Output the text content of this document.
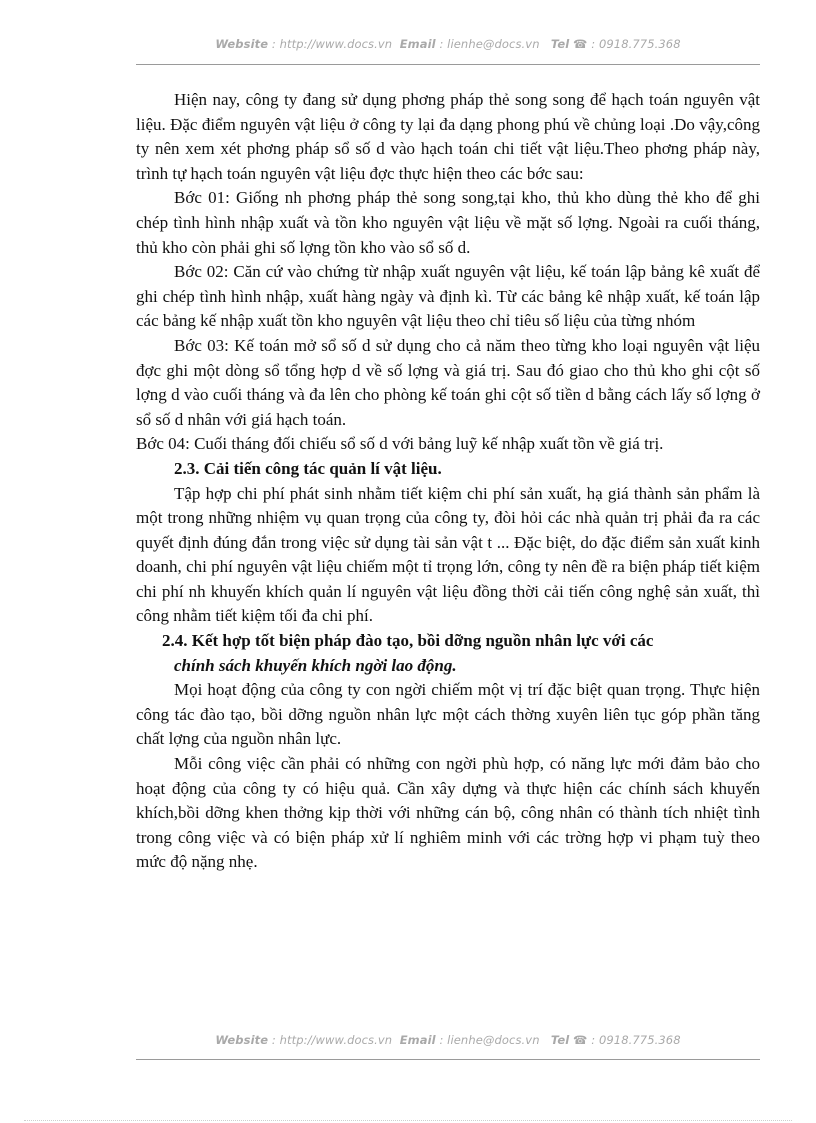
Website : http://www.docs.vn Email : lienhe@docs.vn Tel ☎ : 0918.775.368

Hiện nay, công ty đang sử dụng phơng pháp thẻ song song để hạch toán nguyên vật liệu. Đặc điểm nguyên vật liệu ở công ty lại đa dạng phong phú về chủng loại .Do vậy,công ty nên xem xét phơng pháp sổ số d vào hạch toán chi tiết vật liệu.Theo phơng pháp này, trình tự hạch toán nguyên vật liệu đợc thực hiện theo các bớc sau:

Bớc 01: Giống nh phơng pháp thẻ song song,tại kho, thủ kho dùng thẻ kho để ghi chép tình hình nhập xuất và tồn kho nguyên vật liệu về mặt số lợng. Ngoài ra cuối tháng, thủ kho còn phải ghi số lợng tồn kho vào sổ số d.

Bớc 02: Căn cứ vào chứng từ nhập xuất nguyên vật liệu, kế toán lập bảng kê xuất để ghi chép tình hình nhập, xuất hàng ngày và định kì. Từ các bảng kê nhập xuất, kế toán lập các bảng kế nhập xuất tồn kho nguyên vật liệu theo chỉ tiêu số liệu của từng nhóm

Bớc 03: Kế toán mở sổ số d sử dụng cho cả năm theo từng kho loại nguyên vật liệu đợc ghi một dòng sổ tổng hợp d về số lợng và giá trị. Sau đó giao cho thủ kho ghi cột số lợng d vào cuối tháng và đa lên cho phòng kế toán ghi cột số tiền d bằng cách lấy số lợng ở sổ số d nhân với giá hạch toán.

Bớc 04: Cuối tháng đối chiếu sổ số d với bảng luỹ kế nhập xuất tồn về giá trị.

2.3. Cải tiến công tác quản lí vật liệu.

Tập hợp chi phí phát sinh nhằm tiết kiệm chi phí sản xuất, hạ giá thành sản phẩm là một trong những nhiệm vụ quan trọng của công ty, đòi hỏi các nhà quản trị phải đa ra các quyết định đúng đắn trong việc sử dụng tài sản vật t ... Đặc biệt, do đặc điểm sản xuất kinh doanh, chi phí nguyên vật liệu chiếm một tỉ trọng lớn, công ty nên đề ra biện pháp tiết kiệm chi phí nh khuyến khích quản lí nguyên vật liệu đồng thời cải tiến công nghệ sản xuất, thì công nhằm tiết kiệm tối đa chi phí.

2.4. Kết hợp tốt biện pháp đào tạo, bồi dỡng nguồn nhân lực với các
chính sách khuyến khích ngời lao động.

Mọi hoạt động của công ty con ngời chiếm một vị trí đặc biệt quan trọng. Thực hiện công tác đào tạo, bồi dỡng nguồn nhân lực một cách thờng xuyên liên tục góp phần tăng chất lợng của nguồn nhân lực.

Mỗi công việc cần phải có những con ngời phù hợp, có năng lực mới đảm bảo cho hoạt động của công ty có hiệu quả. Cần xây dựng và thực hiện các chính sách khuyến khích,bồi dỡng khen thởng kịp thời với những cán bộ, công nhân có thành tích nhiệt tình trong công việc và có biện pháp xử lí nghiêm minh với các trờng hợp vi phạm tuỳ theo mức độ nặng nhẹ.

Website : http://www.docs.vn Email : lienhe@docs.vn Tel ☎ : 0918.775.368
